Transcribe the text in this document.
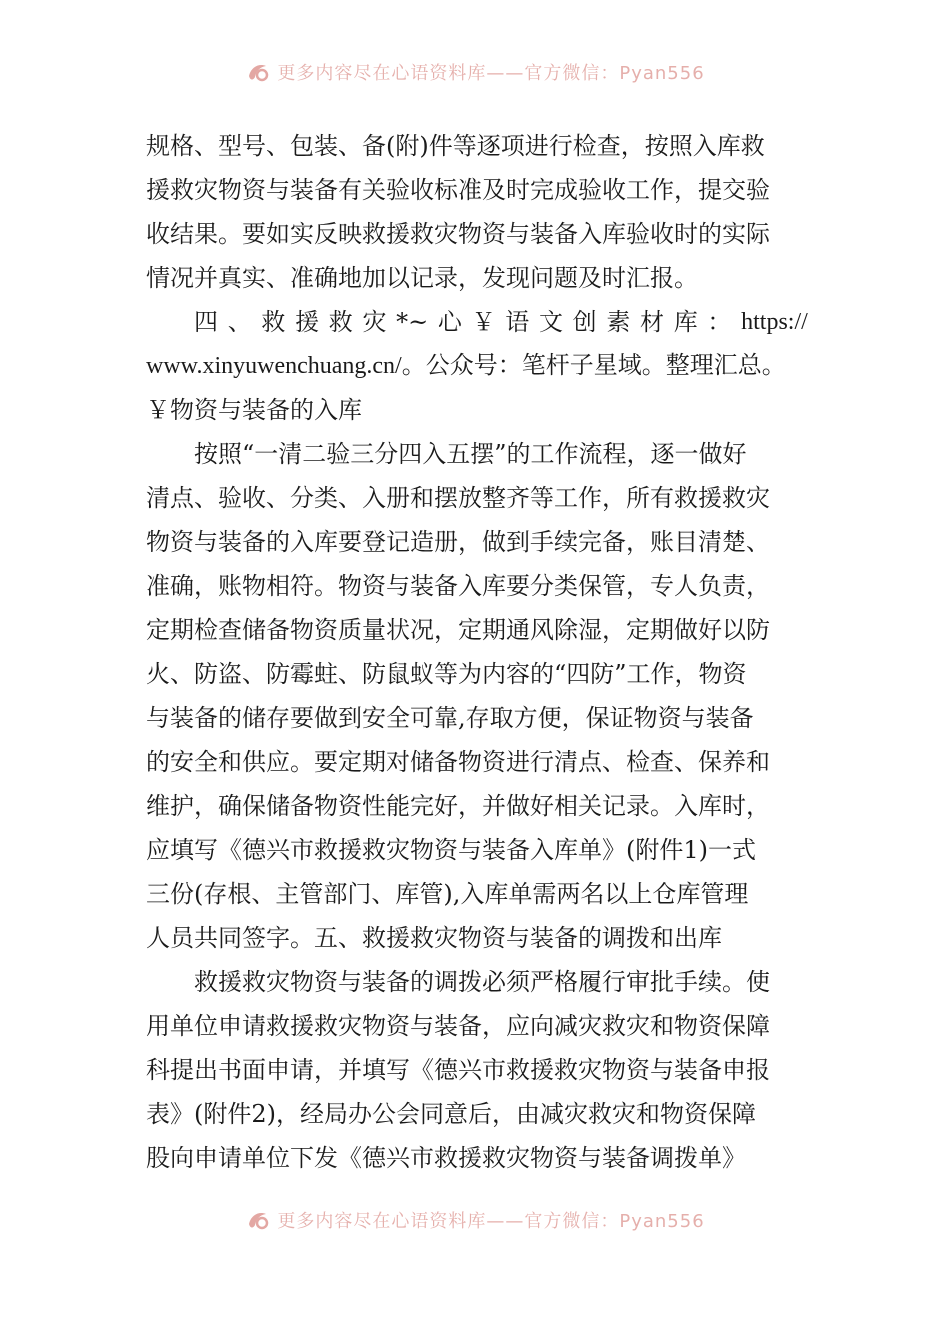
更多内容尽在心语资料库——官方微信：Pyan556

规格、型号、包装、备(附)件等逐项进行检查，按照入库救
援救灾物资与装备有关验收标准及时完成验收工作，提交验
收结果。要如实反映救援救灾物资与装备入库验收时的实际
情况并真实、准确地加以记录，发现问题及时汇报。

四 、 救 援 救 灾 *~ 心 ￥ 语 文 创 素 材 库 ： https://
www.xinyuwenchuang.cn/。公众号：笔杆子星域。整理汇总。
￥物资与装备的入库

按照“一清二验三分四入五摆”的工作流程，逐一做好
清点、验收、分类、入册和摆放整齐等工作，所有救援救灾
物资与装备的入库要登记造册，做到手续完备，账目清楚、
准确，账物相符。物资与装备入库要分类保管，专人负责，
定期检查储备物资质量状况，定期通风除湿，定期做好以防
火、防盗、防霉蛀、防鼠蚁等为内容的“四防”工作，物资
与装备的储存要做到安全可靠,存取方便，保证物资与装备
的安全和供应。要定期对储备物资进行清点、检查、保养和
维护，确保储备物资性能完好，并做好相关记录。入库时，
应填写《德兴市救援救灾物资与装备入库单》(附件1)一式
三份(存根、主管部门、库管),入库单需两名以上仓库管理
人员共同签字。五、救援救灾物资与装备的调拨和出库

救援救灾物资与装备的调拨必须严格履行审批手续。使
用单位申请救援救灾物资与装备，应向减灾救灾和物资保障
科提出书面申请，并填写《德兴市救援救灾物资与装备申报
表》(附件2)，经局办公会同意后，由减灾救灾和物资保障
股向申请单位下发《德兴市救援救灾物资与装备调拨单》

更多内容尽在心语资料库——官方微信：Pyan556
